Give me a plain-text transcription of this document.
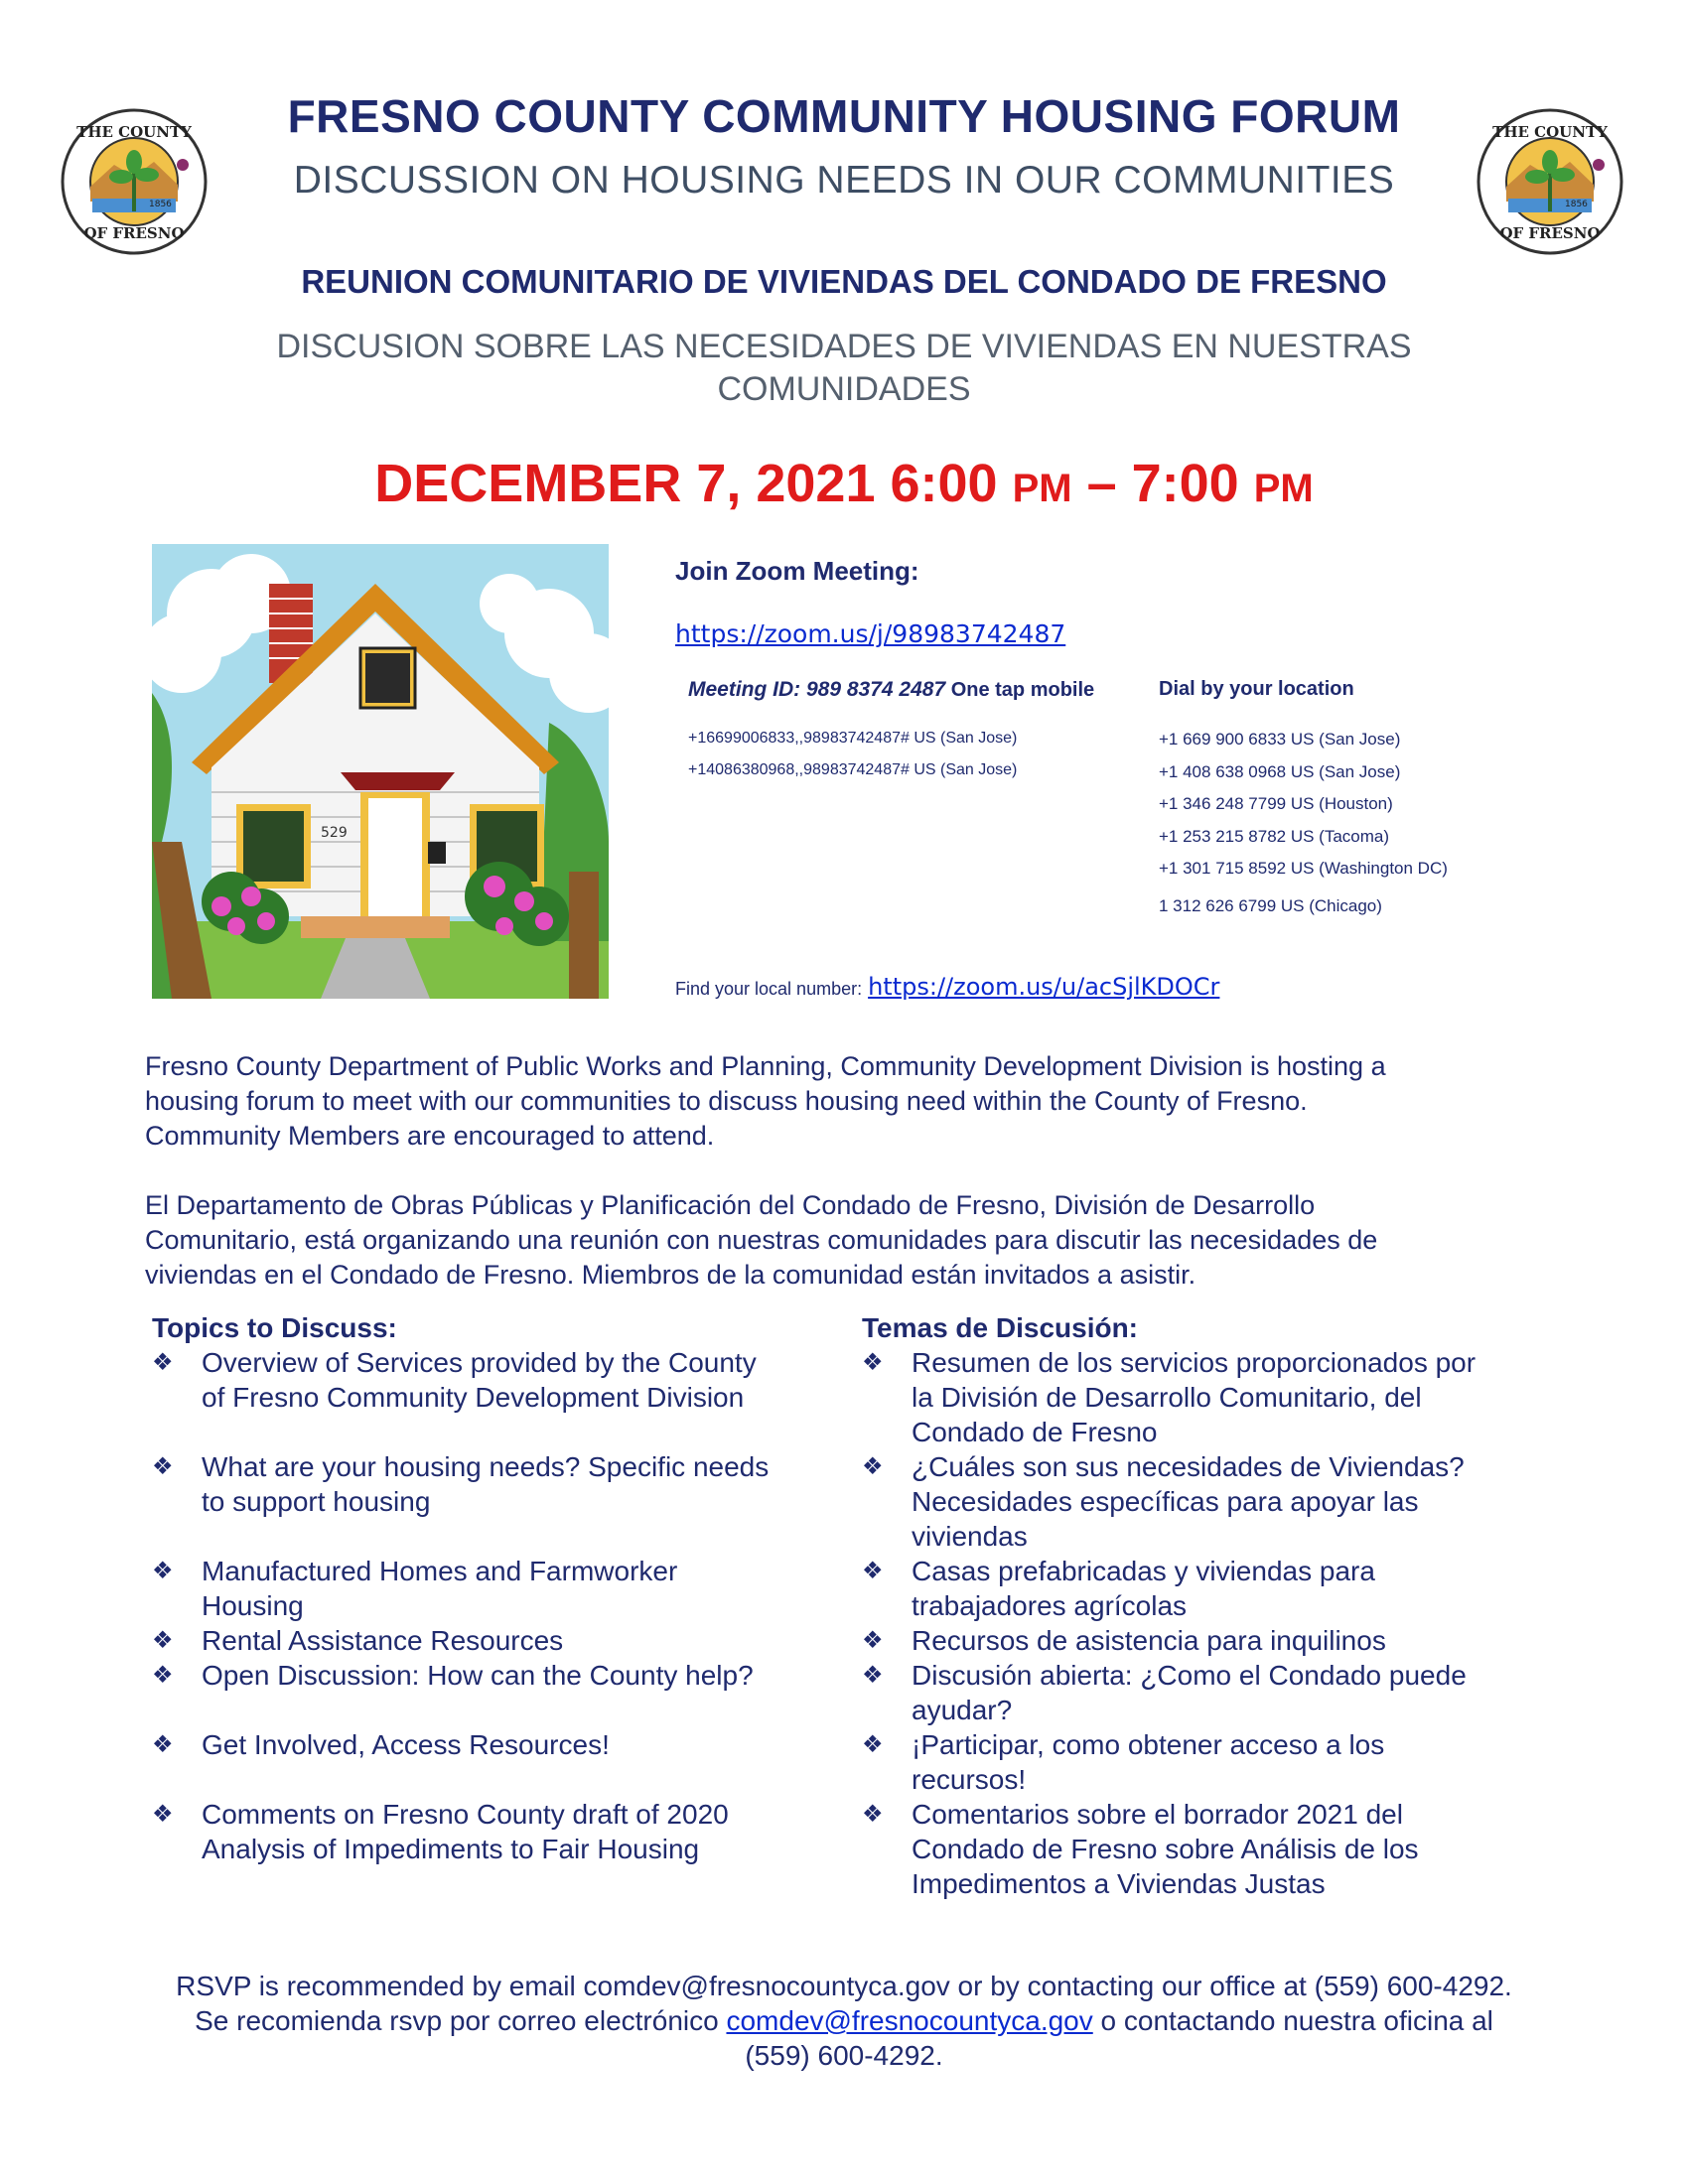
THE COUNTY
OF FRESNO
1856
THE COUNTY
OF FRESNO
1856
FRESNO COUNTY COMMUNITY HOUSING FORUM
DISCUSSION ON HOUSING NEEDS IN OUR COMMUNITIES
REUNION COMUNITARIO DE VIVIENDAS DEL CONDADO DE FRESNO
DISCUSION SOBRE LAS NECESIDADES DE VIVIENDAS EN NUESTRAS
COMUNIDADES
DECEMBER 7, 2021 6:00 PM – 7:00 PM
529
Join Zoom Meeting:
https://zoom.us/j/98983742487
Meeting ID: 989 8374 2487 One tap mobile
+16699006833,,98983742487# US (San Jose)
+14086380968,,98983742487# US (San Jose)
Dial by your location
+1 669 900 6833 US (San Jose)
+1 408 638 0968 US (San Jose)
+1 346 248 7799 US (Houston)
+1 253 215 8782 US (Tacoma)
+1 301 715 8592 US (Washington DC)
1 312 626 6799 US (Chicago)
Find your local number: https://zoom.us/u/acSjlKDOCr
Fresno County Department of Public Works and Planning, Community Development Division is hosting a
housing forum to meet with our communities to discuss housing need within the County of Fresno.
Community Members are encouraged to attend.
El Departamento de Obras Públicas y Planificación del Condado de Fresno, División de Desarrollo
Comunitario, está organizando una reunión con nuestras comunidades para discutir las necesidades de
viviendas en el Condado de Fresno. Miembros de la comunidad están invitados a asistir.
Topics to Discuss:
❖	Overview of Services provided by the County
of Fresno Community Development Division
❖	What are your housing needs? Specific needs
to support housing
❖	Manufactured Homes and Farmworker
Housing
❖	Rental Assistance Resources
❖	Open Discussion: How can the County help?
❖	Get Involved, Access Resources!
❖	Comments on Fresno County draft of 2020
Analysis of Impediments to Fair Housing
Temas de Discusión:
❖	Resumen de los servicios proporcionados por
la División de Desarrollo Comunitario, del
Condado de Fresno
❖	¿Cuáles son sus necesidades de Viviendas?
Necesidades específicas para apoyar las
viviendas
❖	Casas prefabricadas y viviendas para
trabajadores agrícolas
❖	Recursos de asistencia para inquilinos
❖	Discusión abierta: ¿Como el Condado puede
ayudar?
❖	¡Participar, como obtener acceso a los
recursos!
❖	Comentarios sobre el borrador 2021 del
Condado de Fresno sobre Análisis de los
Impedimentos a Viviendas Justas
RSVP is recommended by email comdev@fresnocountyca.gov or by contacting our office at (559) 600-4292.
Se recomienda rsvp por correo electrónico comdev@fresnocountyca.gov o contactando nuestra oficina al
(559) 600-4292.
